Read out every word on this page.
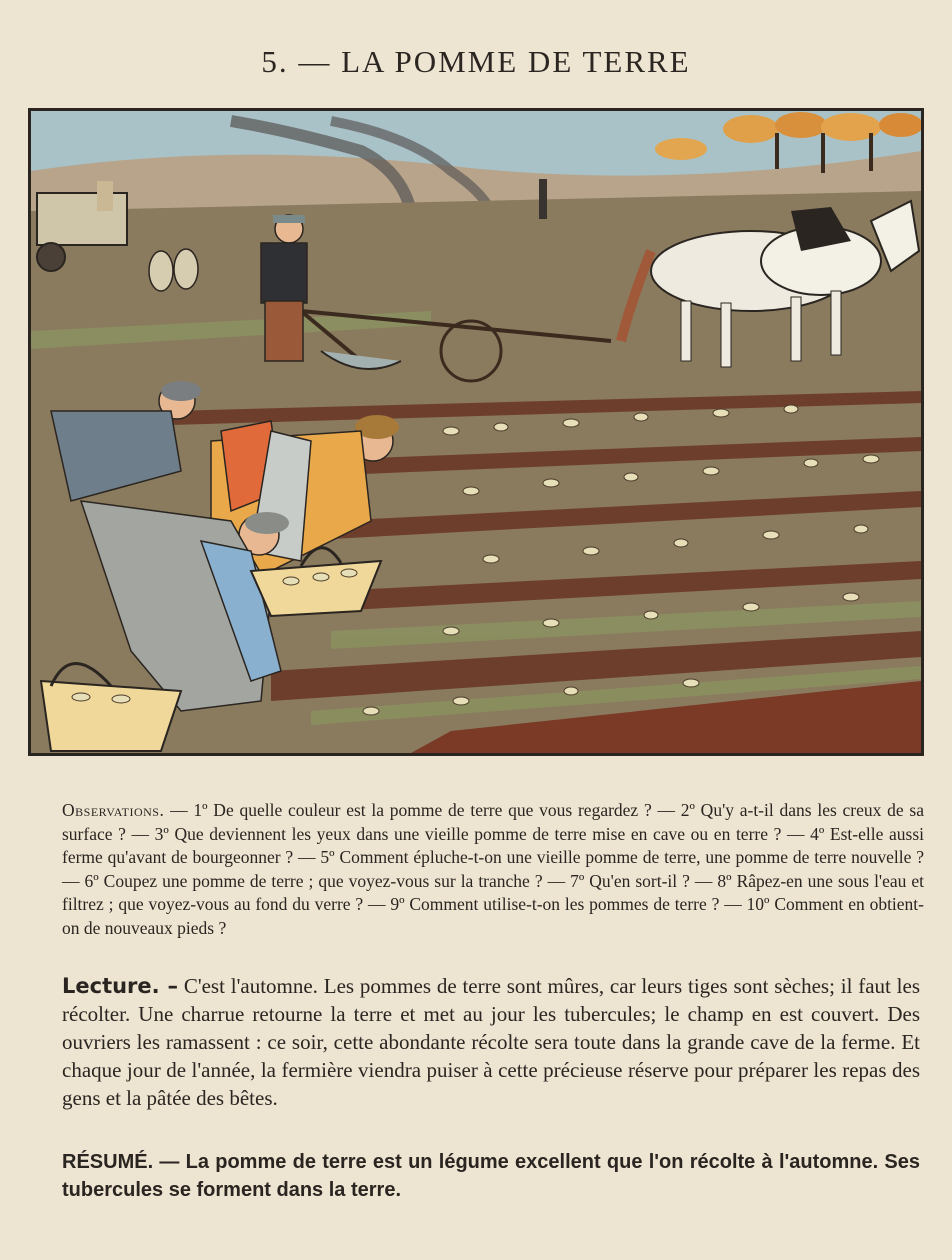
5. — LA POMME DE TERRE
Observations. — 1º De quelle couleur est la pomme de terre que vous regardez ? — 2º Qu'y a-t-il dans les creux de sa surface ? — 3º Que deviennent les yeux dans une vieille pomme de terre mise en cave ou en terre ? — 4º Est-elle aussi ferme qu'avant de bourgeonner ? — 5º Comment épluche-t-on une vieille pomme de terre, une pomme de terre nouvelle ? — 6º Coupez une pomme de terre ; que voyez-vous sur la tranche ? — 7º Qu'en sort-il ? — 8º Râpez-en une sous l'eau et filtrez ; que voyez-vous au fond du verre ? — 9º Comment utilise-t-on les pommes de terre ? — 10º Comment en obtient-on de nouveaux pieds ?
Lecture. – C'est l'automne. Les pommes de terre sont mûres, car leurs tiges sont sèches; il faut les récolter. Une charrue retourne la terre et met au jour les tubercules; le champ en est couvert. Des ouvriers les ramassent : ce soir, cette abondante récolte sera toute dans la grande cave de la ferme. Et chaque jour de l'année, la fermière viendra puiser à cette précieuse réserve pour préparer les repas des gens et la pâtée des bêtes.
RÉSUMÉ. — La pomme de terre est un légume excellent que l'on récolte à l'automne. Ses tubercules se forment dans la terre.
